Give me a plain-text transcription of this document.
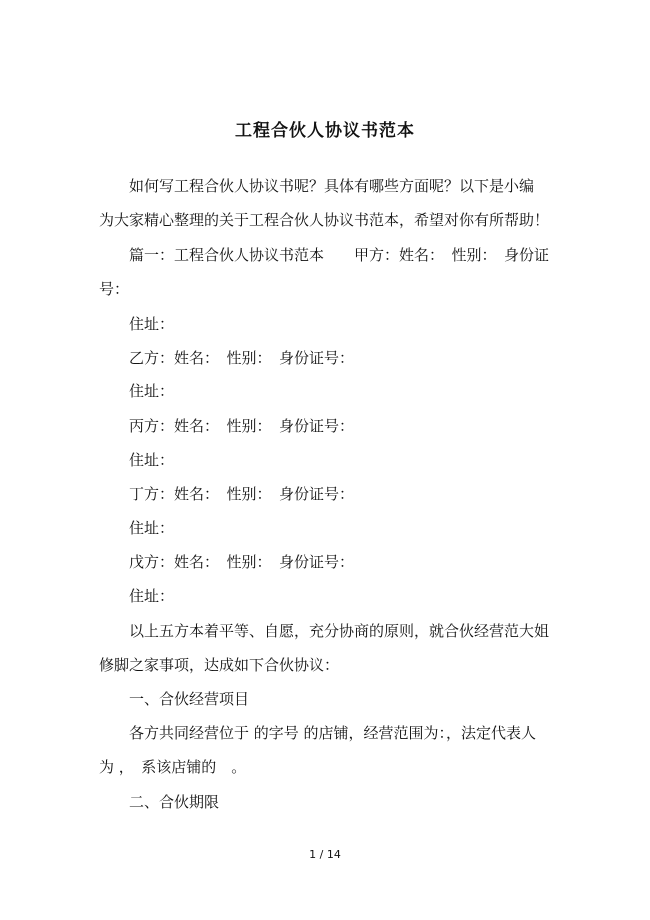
工程合伙人协议书范本
如何写工程合伙人协议书呢？具体有哪些方面呢？以下是小编
为大家精心整理的关于工程合伙人协议书范本，希望对你有所帮助！
篇一：工程合伙人协议书范本　　甲方：姓名：　性别：　身份证
号：
住址：
乙方：姓名：　性别：　身份证号：
住址：
丙方：姓名：　性别：　身份证号：
住址：
丁方：姓名：　性别：　身份证号：
住址：
戊方：姓名：　性别：　身份证号：
住址：
以上五方本着平等、自愿，充分协商的原则，就合伙经营范大姐
修脚之家事项，达成如下合伙协议：
一、合伙经营项目
各方共同经营位于 的字号 的店铺，经营范围为：，法定代表人
为 ，　系该店铺的　。
二、合伙期限
1 / 14
